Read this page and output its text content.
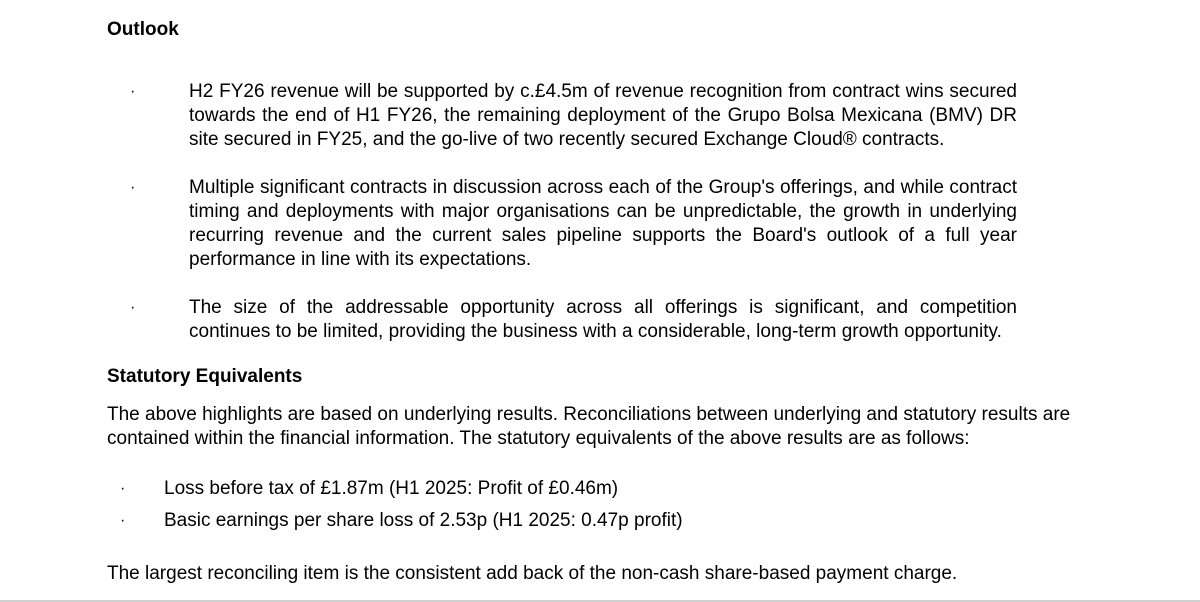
Outlook
·	H2 FY26 revenue will be supported by c.£4.5m of revenue recognition from contract wins secured towards the end of H1 FY26, the remaining deployment of the Grupo Bolsa Mexicana (BMV) DR site secured in FY25, and the go-live of two recently secured Exchange Cloud® contracts.

·	Multiple significant contracts in discussion across each of the Group's offerings, and while contract timing and deployments with major organisations can be unpredictable, the growth in underlying recurring revenue and the current sales pipeline supports the Board's outlook of a full year performance in line with its expectations.

·	The size of the addressable opportunity across all offerings is significant, and competition continues to be limited, providing the business with a considerable, long-term growth opportunity.

Statutory Equivalents

The above highlights are based on underlying results. Reconciliations between underlying and statutory results are contained within the financial information. The statutory equivalents of the above results are as follows:

· Loss before tax of £1.87m (H1 2025: Profit of £0.46m)

· Basic earnings per share loss of 2.53p (H1 2025: 0.47p profit)

The largest reconciling item is the consistent add back of the non-cash share-based payment charge.
